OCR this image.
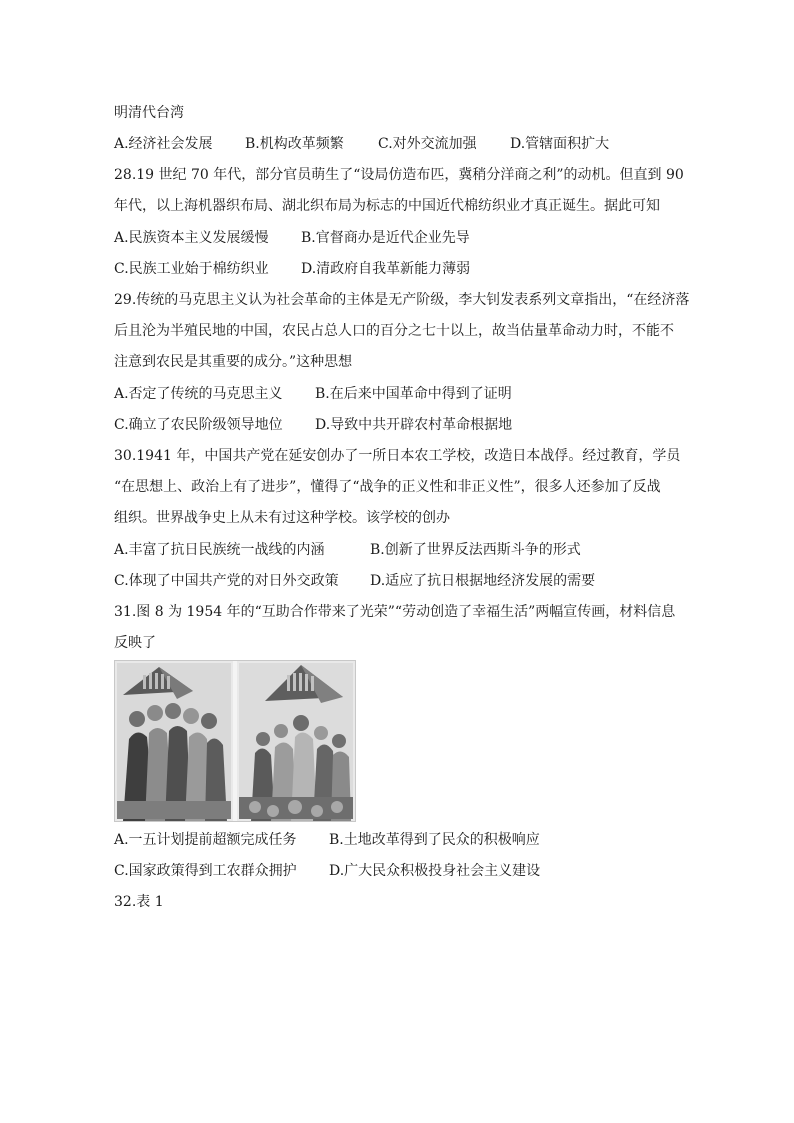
明清代台湾
A.经济社会发展 B.机构改革频繁 C.对外交流加强 D.管辖面积扩大
28.19 世纪 70 年代，部分官员萌生了“设局仿造布匹，冀稍分洋商之利”的动机。但直到 90
年代，以上海机器织布局、湖北织布局为标志的中国近代棉纺织业才真正诞生。据此可知
A.民族资本主义发展缓慢 B.官督商办是近代企业先导
C.民族工业始于棉纺织业 D.清政府自我革新能力薄弱
29.传统的马克思主义认为社会革命的主体是无产阶级，李大钊发表系列文章指出，“在经济落
后且沦为半殖民地的中国，农民占总人口的百分之七十以上，故当估量革命动力时，不能不
注意到农民是其重要的成分。”这种思想
A.否定了传统的马克思主义 B.在后来中国革命中得到了证明
C.确立了农民阶级领导地位 D.导致中共开辟农村革命根据地
30.1941 年，中国共产党在延安创办了一所日本农工学校，改造日本战俘。经过教育，学员
“在思想上、政治上有了进步”，懂得了“战争的正义性和非正义性”，很多人还参加了反战
组织。世界战争史上从未有过这种学校。该学校的创办
A.丰富了抗日民族统一战线的内涵	B.创新了世界反法西斯斗争的形式
C.体现了中国共产党的对日外交政策 D.适应了抗日根据地经济发展的需要
31.图 8 为 1954 年的“互助合作带来了光荣”“劳动创造了幸福生活”两幅宣传画，材料信息
反映了
A.一五计划提前超额完成任务 B.土地改革得到了民众的积极响应
C.国家政策得到工农群众拥护 D.广大民众积极投身社会主义建设
32.表 1
